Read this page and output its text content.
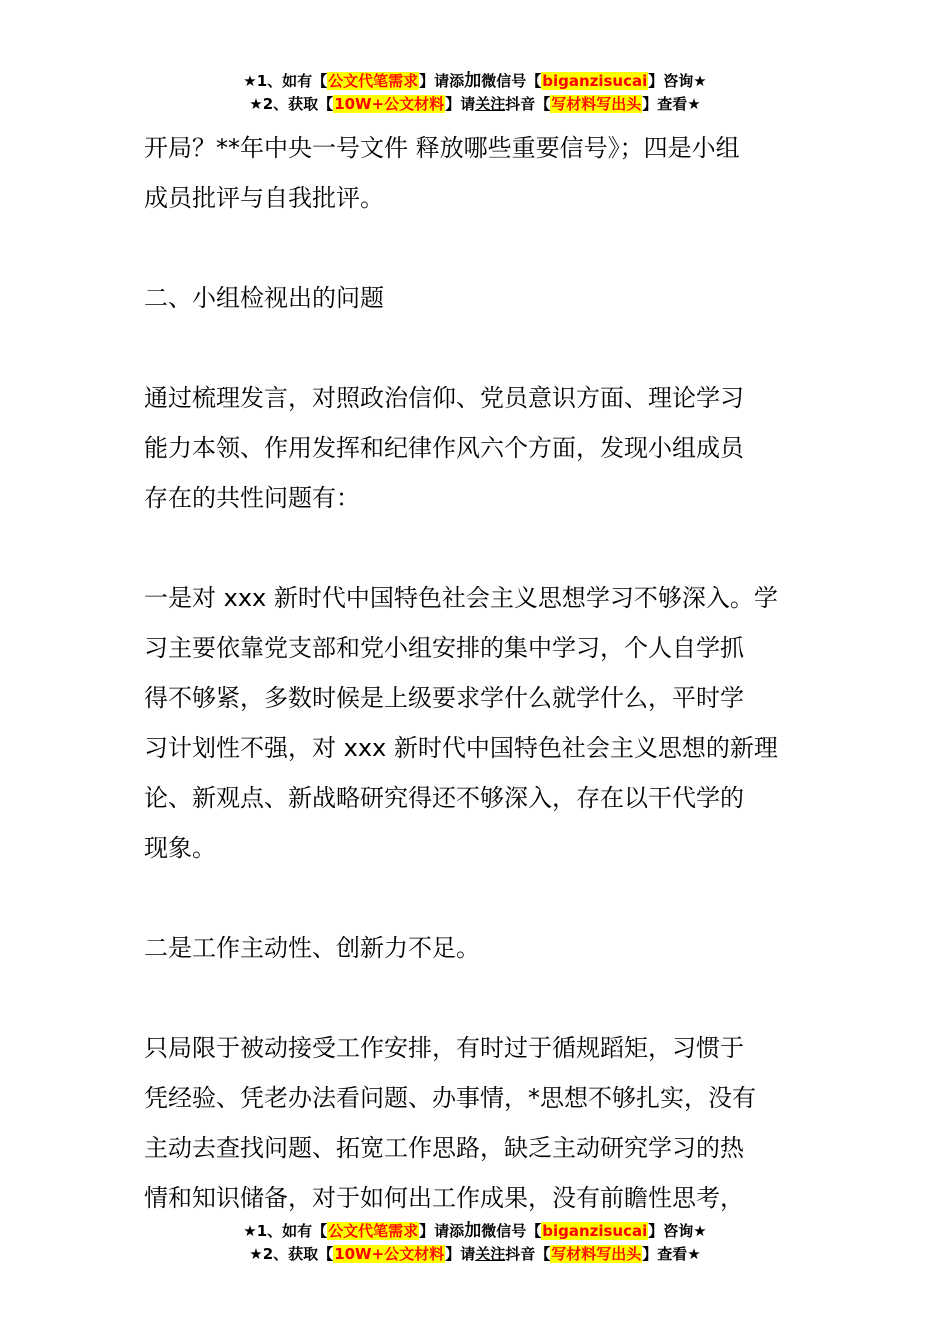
★1、如有【公文代笔需求】请添加微信号【biganzisucai】咨询★
★2、获取【10W+公文材料】请关注抖音【写材料写出头】查看★

开局？**年中央一号文件 释放哪些重要信号》；四是小组

成员批评与自我批评。

二、小组检视出的问题

通过梳理发言，对照政治信仰、党员意识方面、理论学习

能力本领、作用发挥和纪律作风六个方面，发现小组成员

存在的共性问题有：

一是对 xxx 新时代中国特色社会主义思想学习不够深入。学

习主要依靠党支部和党小组安排的集中学习，个人自学抓

得不够紧，多数时候是上级要求学什么就学什么，平时学

习计划性不强，对 xxx 新时代中国特色社会主义思想的新理

论、新观点、新战略研究得还不够深入，存在以干代学的

现象。

二是工作主动性、创新力不足。

只局限于被动接受工作安排，有时过于循规蹈矩，习惯于

凭经验、凭老办法看问题、办事情，*思想不够扎实，没有

主动去查找问题、拓宽工作思路，缺乏主动研究学习的热

情和知识储备，对于如何出工作成果，没有前瞻性思考，

★1、如有【公文代笔需求】请添加微信号【biganzisucai】咨询★
★2、获取【10W+公文材料】请关注抖音【写材料写出头】查看★
